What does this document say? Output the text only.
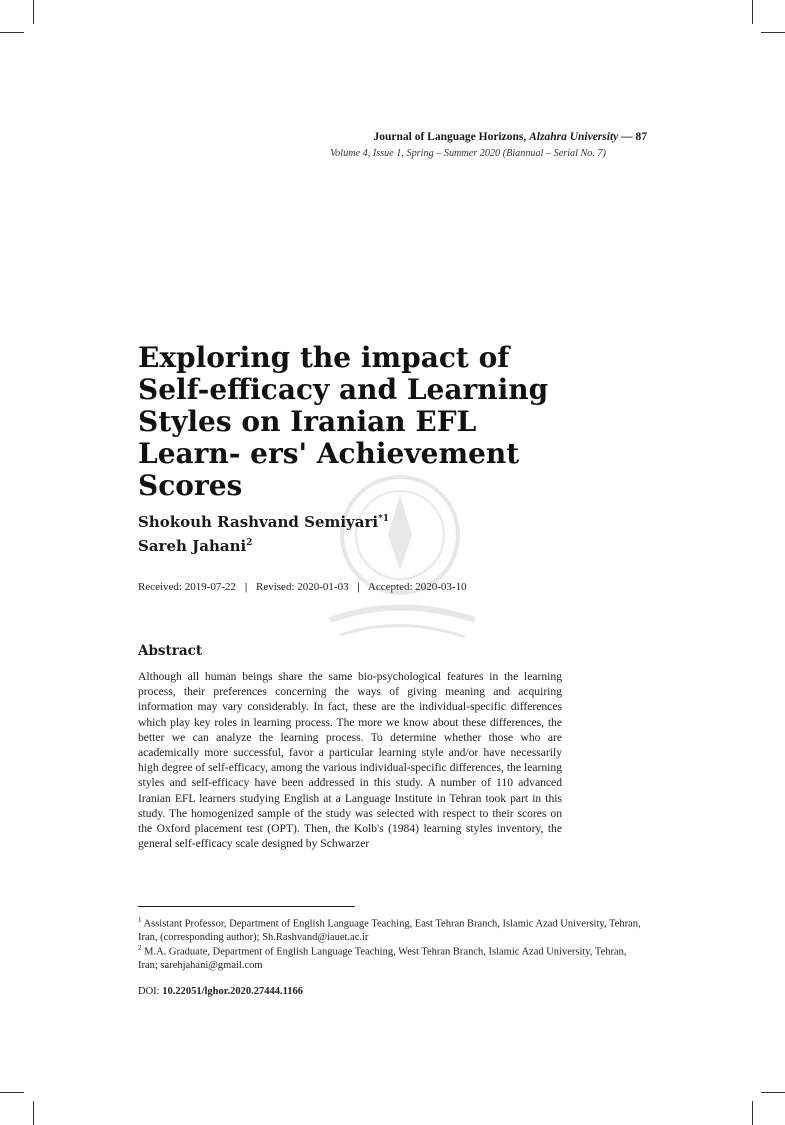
Journal of Language Horizons, Alzahra University — 87
Volume 4, Issue 1, Spring – Summer 2020 (Biannual – Serial No. 7)
Exploring the impact of Self-efficacy and Learning Styles on Iranian EFL Learn- ers' Achievement Scores
Shokouh Rashvand Semiyari$^{*1}$
Sareh Jahani$^2$
Received: 2019-07-22 | Revised: 2020-01-03 | Accepted: 2020-03-10
Abstract

Although all human beings share the same bio-psychological features in the learning process, their preferences concerning the ways of giving meaning and acquiring information may vary considerably. In fact, these are the individual-specific differences which play key roles in learning process. The more we know about these differences, the better we can analyze the learning process. To determine whether those who are academically more successful, favor a particular learning style and/or have necessarily high degree of self-efficacy, among the various individual-specific differences, the learning styles and self-efficacy have been addressed in this study. A number of 110 advanced Iranian EFL learners studying English at a Language Institute in Tehran took part in this study. The homogenized sample of the study was selected with respect to their scores on the Oxford placement test (OPT). Then, the Kolb's (1984) learning styles inventory, the general self-efficacy scale designed by Schwarzer

$^1$ Assistant Professor, Department of English Language Teaching, East Tehran Branch, Islamic Azad University, Tehran, Iran, (corresponding author); Sh.Rashvand@iauet.ac.ir

$^2$ M.A. Graduate, Department of English Language Teaching, West Tehran Branch, Islamic Azad University, Tehran, Iran; sarehjahani@gmail.com

DOI: 10.22051/lghor.2020.27444.1166
